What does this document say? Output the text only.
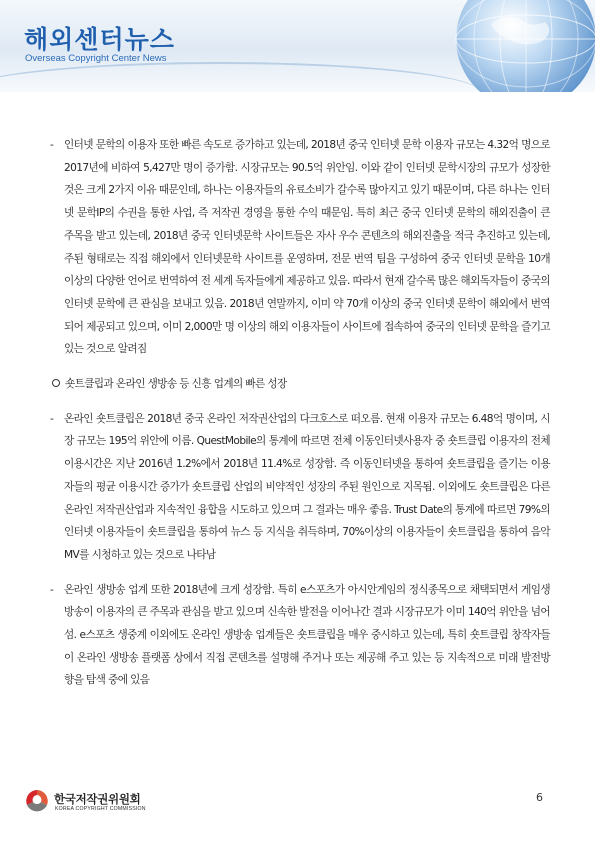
해외센터뉴스
Overseas Copyright Center News
- 인터넷 문학의 이용자 또한 빠른 속도로 증가하고 있는데, 2018년 중국 인터넷 문학 이용자 규모는 4.32억 명으로 2017년에 비하여 5,427만 명이 증가함. 시장규모는 90.5억 위안임. 이와 같이 인터넷 문학시장의 규모가 성장한 것은 크게 2가지 이유 때문인데, 하나는 이용자들의 유료소비가 갈수록 많아지고 있기 때문이며, 다른 하나는 인터넷 문학IP의 수권을 통한 사업, 즉 저작권 경영을 통한 수익 때문임. 특히 최근 중국 인터넷 문학의 해외진출이 큰 주목을 받고 있는데, 2018년 중국 인터넷문학 사이트들은 자사 우수 콘텐츠의 해외진출을 적극 추진하고 있는데, 주된 형태로는 직접 해외에서 인터넷문학 사이트를 운영하며, 전문 번역 팀을 구성하여 중국 인터넷 문학을 10개 이상의 다양한 언어로 번역하여 전 세계 독자들에게 제공하고 있음. 따라서 현재 갈수록 많은 해외독자들이 중국의 인터넷 문학에 큰 관심을 보내고 있음. 2018년 연말까지, 이미 약 70개 이상의 중국 인터넷 문학이 해외에서 번역되어 제공되고 있으며, 이미 2,000만 명 이상의 해외 이용자들이 사이트에 접속하여 중국의 인터넷 문학을 즐기고 있는 것으로 알려짐
숏트클립과 온라인 생방송 등 신흥 업계의 빠른 성장
- 온라인 숏트클립은 2018년 중국 온라인 저작권산업의 다크호스로 떠오름. 현재 이용자 규모는 6.48억 명이며, 시장 규모는 195억 위안에 이름. QuestMobile의 통계에 따르면 전체 이동인터넷사용자 중 숏트클립 이용자의 전체 이용시간은 지난 2016년 1.2%에서 2018년 11.4%로 성장함. 즉 이동인터넷을 통하여 숏트클립을 즐기는 이용자들의 평균 이용시간 증가가 숏트클립 산업의 비약적인 성장의 주된 원인으로 지목됨. 이외에도 숏트클립은 다른 온라인 저작권산업과 지속적인 융합을 시도하고 있으며 그 결과는 매우 좋음. Trust Date의 통계에 따르면 79%의 인터넷 이용자들이 숏트클립을 통하여 뉴스 등 지식을 취득하며, 70%이상의 이용자들이 숏트클립을 통하여 음악 MV를 시청하고 있는 것으로 나타남
- 온라인 생방송 업계 또한 2018년에 크게 성장함. 특히 e스포츠가 아시안게임의 정식종목으로 채택되면서 게임생방송이 이용자의 큰 주목과 관심을 받고 있으며 신속한 발전을 이어나간 결과 시장규모가 이미 140억 위안을 넘어섬. e스포츠 생중계 이외에도 온라인 생방송 업계들은 숏트클립을 매우 중시하고 있는데, 특히 숏트클립 창작자들이 온라인 생방송 플랫폼 상에서 직접 콘텐츠를 설명해 주거나 또는 제공해 주고 있는 등 지속적으로 미래 발전방향을 탐색 중에 있음
한국저작권위원회
KOREA COPYRIGHT COMMISSION
6
